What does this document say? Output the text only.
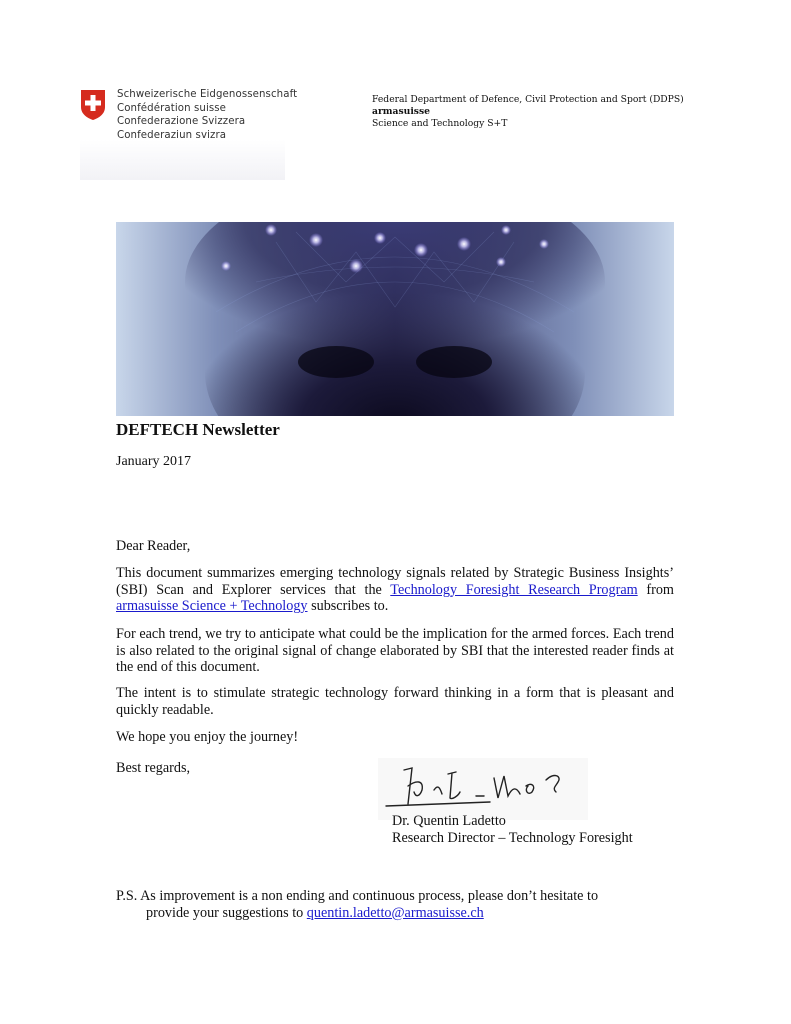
Schweizerische Eidgenossenschaft
Confédération suisse
Confederazione Svizzera
Confederaziun svizra
Federal Department of Defence, Civil Protection and Sport (DDPS)
armasuisse
Science and Technology S+T
DEFTECH Newsletter
January 2017
Dear Reader,
This document summarizes emerging technology signals related by Strategic Business Insights’ (SBI) Scan and Explorer services that the Technology Foresight Research Program from armasuisse Science + Technology subscribes to.
For each trend, we try to anticipate what could be the implication for the armed forces. Each trend is also related to the original signal of change elaborated by SBI that the interested reader finds at the end of this document.
The intent is to stimulate strategic technology forward thinking in a form that is pleasant and quickly readable.
We hope you enjoy the journey!
Best regards,
Dr. Quentin Ladetto
Research Director – Technology Foresight
P.S. As improvement is a non ending and continuous process, please don’t hesitate to
provide your suggestions to quentin.ladetto@armasuisse.ch
